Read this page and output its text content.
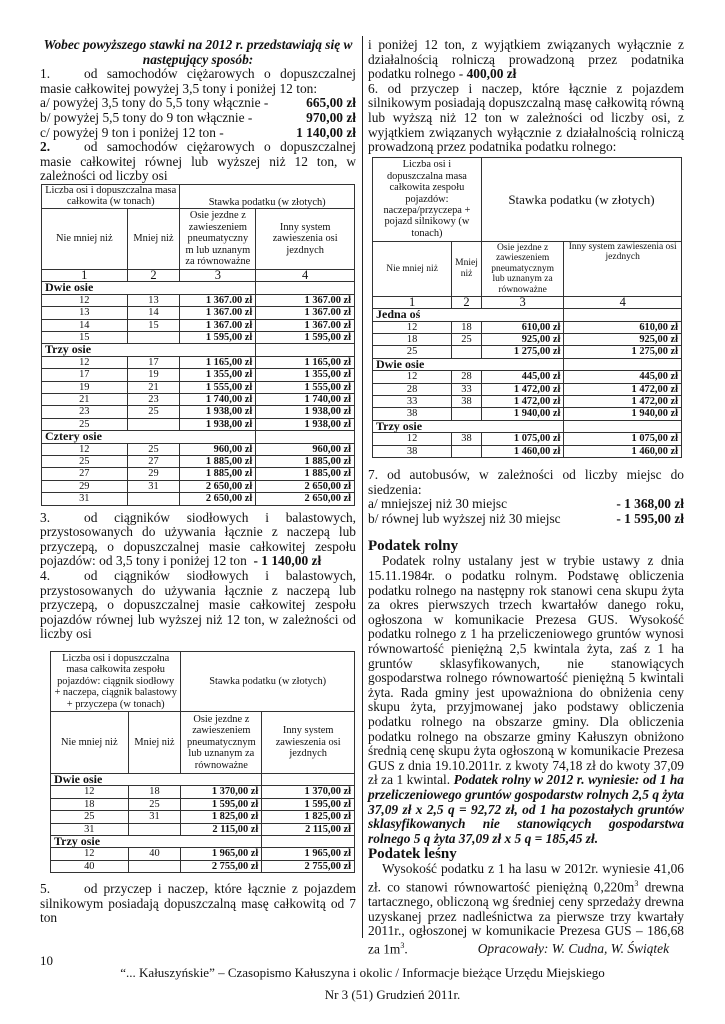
Wobec powyższego stawki na 2012 r. przedstawiają się w następujący sposób:

1.	od samochodów ciężarowych o dopuszczalnej masie całkowitej powyżej 3,5 tony i poniżej 12 ton:

a/ powyżej 3,5 tony do 5,5 tony włącznie -	665,00 zł
b/ powyżej 5,5 tony do 9 ton włącznie -	970,00 zł
c/ powyżej 9 ton i poniżej 12 ton -	1 140,00 zł

2.	od samochodów ciężarowych o dopuszczalnej masie całkowitej równej lub wyższej niż 12 ton, w zależności od liczby osi

Liczba osi i dopuszczalna masa całkowita (w tonach)		Stawka podatku (w złotych)	
Nie mniej niż	Mniej niż	Osie jezdne z zawieszeniem pneumatyczny m lub uznanym za równoważne	Inny system zawieszenia osi jezdnych
1	2	3	4
Dwie osie			
12	13	1 367.00 zł	1 367.00 zł
13	14	1 367.00 zł	1 367.00 zł
14	15	1 367.00 zł	1 367.00 zł
15		1 595,00 zł	1 595,00 zł
Trzy osie			
12	17	1 165,00 zł	1 165,00 zł
17	19	1 355,00 zł	1 355,00 zł
19	21	1 555,00 zł	1 555,00 zł
21	23	1 740,00 zł	1 740,00 zł
23	25	1 938,00 zł	1 938,00 zł
25		1 938,00 zł	1 938,00 zł
Cztery osie			
12	25	960,00 zł	960,00 zł
25	27	1 885,00 zł	1 885,00 zł
27	29	1 885,00 zł	1 885,00 zł
29	31	2 650,00 zł	2 650,00 zł
31		2 650,00 zł	2 650,00 zł

3.	od ciągników siodłowych i balastowych, przystosowanych do używania łącznie z naczepą lub przyczepą, o dopuszczalnej masie całkowitej zespołu pojazdów: od 3,5 tony i poniżej 12 ton - 1 140,00 zł

4.	od ciągników siodłowych i balastowych, przystosowanych do używania łącznie z naczepą lub przyczepą, o dopuszczalnej masie całkowitej zespołu pojazdów równej lub wyższej niż 12 ton, w zależności od liczby osi

Liczba osi i dopuszczalna masa całkowita zespołu pojazdów: ciągnik siodłowy + naczepa, ciągnik balastowy + przyczepa (w tonach)		Stawka podatku (w złotych)	
Nie mniej niż	Mniej niż	Osie jezdne z zawieszeniem pneumatycznym lub uznanym za równoważne	Inny system zawieszenia osi jezdnych
Dwie osie			
12	18	1 370,00 zł	1 370,00 zł
18	25	1 595,00 zł	1 595,00 zł
25	31	1 825,00 zł	1 825,00 zł
31		2 115,00 zł	2 115,00 zł
Trzy osie			
12	40	1 965,00 zł	1 965,00 zł
40		2 755,00 zł	2 755,00 zł

5.	od przyczep i naczep, które łącznie z pojazdem silnikowym posiadają dopuszczalną masę całkowitą od 7 ton

i poniżej 12 ton, z wyjątkiem związanych wyłącznie z działalnością rolniczą prowadzoną przez podatnika podatku rolnego - 400,00 zł

6. od przyczep i naczep, które łącznie z pojazdem silnikowym posiadają dopuszczalną masę całkowitą równą lub wyższą niż 12 ton w zależności od liczby osi, z wyjątkiem związanych wyłącznie z działalnością rolniczą prowadzoną przez podatnika podatku rolnego:

Liczba osi i dopuszczalna masa całkowita zespołu pojazdów: naczepa/przyczepa + pojazd silnikowy (w tonach)		Stawka podatku (w złotych)	
Nie mniej niż	Mniej niż	Osie jezdne z zawieszeniem pneumatycznym lub uznanym za równoważne	Inny system zawieszenia osi jezdnych
1	2	3	4
Jedna oś			
12	18	610,00 zł	610,00 zł
18	25	925,00 zł	925,00 zł
25		1 275,00 zł	1 275,00 zł
Dwie osie			
12	28	445,00 zł	445,00 zł
28	33	1 472,00 zł	1 472,00 zł
33	38	1 472,00 zł	1 472,00 zł
38		1 940,00 zł	1 940,00 zł
Trzy osie			
12	38	1 075,00 zł	1 075,00 zł
38		1 460,00 zł	1 460,00 zł

7. od autobusów, w zależności od liczby miejsc do siedzenia:

a/ mniejszej niż 30 miejsc	- 1 368,00 zł
b/ równej lub wyższej niż 30 miejsc	- 1 595,00 zł
Podatek rolny

Podatek rolny ustalany jest w trybie ustawy z dnia 15.11.1984r. o podatku rolnym. Podstawę obliczenia podatku rolnego na następny rok stanowi cena skupu żyta za okres pierwszych trzech kwartałów danego roku, ogłoszona w komunikacie Prezesa GUS. Wysokość podatku rolnego z 1 ha przeliczeniowego gruntów wynosi równowartość pieniężną 2,5 kwintala żyta, zaś z 1 ha gruntów sklasyfikowanych, nie stanowiących gospodarstwa rolnego równowartość pieniężną 5 kwintali żyta. Rada gminy jest upoważniona do obniżenia ceny skupu żyta, przyjmowanej jako podstawy obliczenia podatku rolnego na obszarze gminy. Dla obliczenia podatku rolnego na obszarze gminy Kałuszyn obniżono średnią cenę skupu żyta ogłoszoną w komunikacie Prezesa GUS z dnia 19.10.2011r. z kwoty 74,18 zł do kwoty 37,09 zł za 1 kwintal. Podatek rolny w 2012 r. wyniesie: od 1 ha przeliczeniowego gruntów gospodarstw rolnych 2,5 q żyta 37,09 zł x 2,5 q = 92,72 zł, od 1 ha pozostałych gruntów sklasyfikowanych nie stanowiących gospodarstwa rolnego 5 q żyta 37,09 zł x 5 q = 185,45 zł.

Podatek leśny

Wysokość podatku z 1 ha lasu w 2012r. wyniesie 41,06 zł. co stanowi równowartość pieniężną $0,220m^3$ drewna tartacznego, obliczoną wg średniej ceny sprzedaży drewna uzyskanej przez nadleśnictwa za pierwsze trzy kwartały 2011r., ogłoszonej w komunikacie Prezesa GUS – 186,68 za $1m^3$.	Opracowały: W. Cudna, W. Świątek

10
“... Kałuszyńskie” – Czasopismo Kałuszyna i okolic / Informacje bieżące Urzędu Miejskiego
Nr 3 (51) Grudzień 2011r.
